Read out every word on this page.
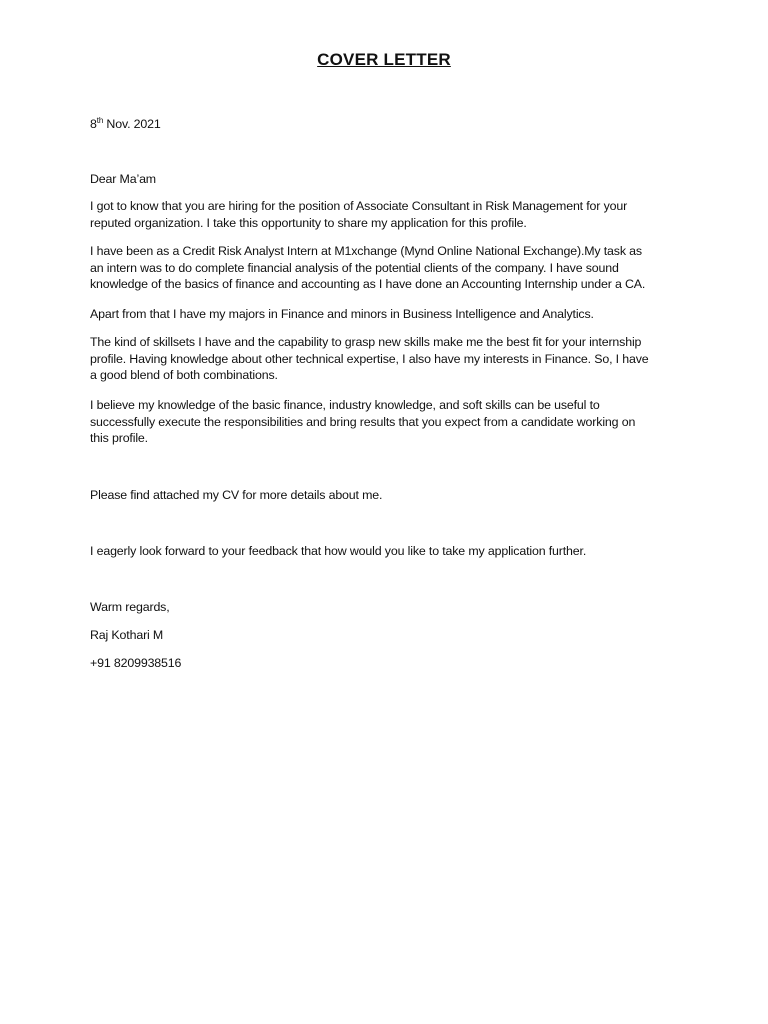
COVER LETTER
8th Nov. 2021
Dear Ma’am
I got to know that you are hiring for the position of Associate Consultant in Risk Management for your
reputed organization. I take this opportunity to share my application for this profile.
I have been as a Credit Risk Analyst Intern at M1xchange (Mynd Online National Exchange).My task as
an intern was to do complete financial analysis of the potential clients of the company. I have sound
knowledge of the basics of finance and accounting as I have done an Accounting Internship under a CA.
Apart from that I have my majors in Finance and minors in Business Intelligence and Analytics.
The kind of skillsets I have and the capability to grasp new skills make me the best fit for your internship
profile. Having knowledge about other technical expertise, I also have my interests in Finance. So, I have
a good blend of both combinations.
I believe my knowledge of the basic finance, industry knowledge, and soft skills can be useful to
successfully execute the responsibilities and bring results that you expect from a candidate working on
this profile.
Please find attached my CV for more details about me.
I eagerly look forward to your feedback that how would you like to take my application further.
Warm regards,
Raj Kothari M
+91 8209938516
